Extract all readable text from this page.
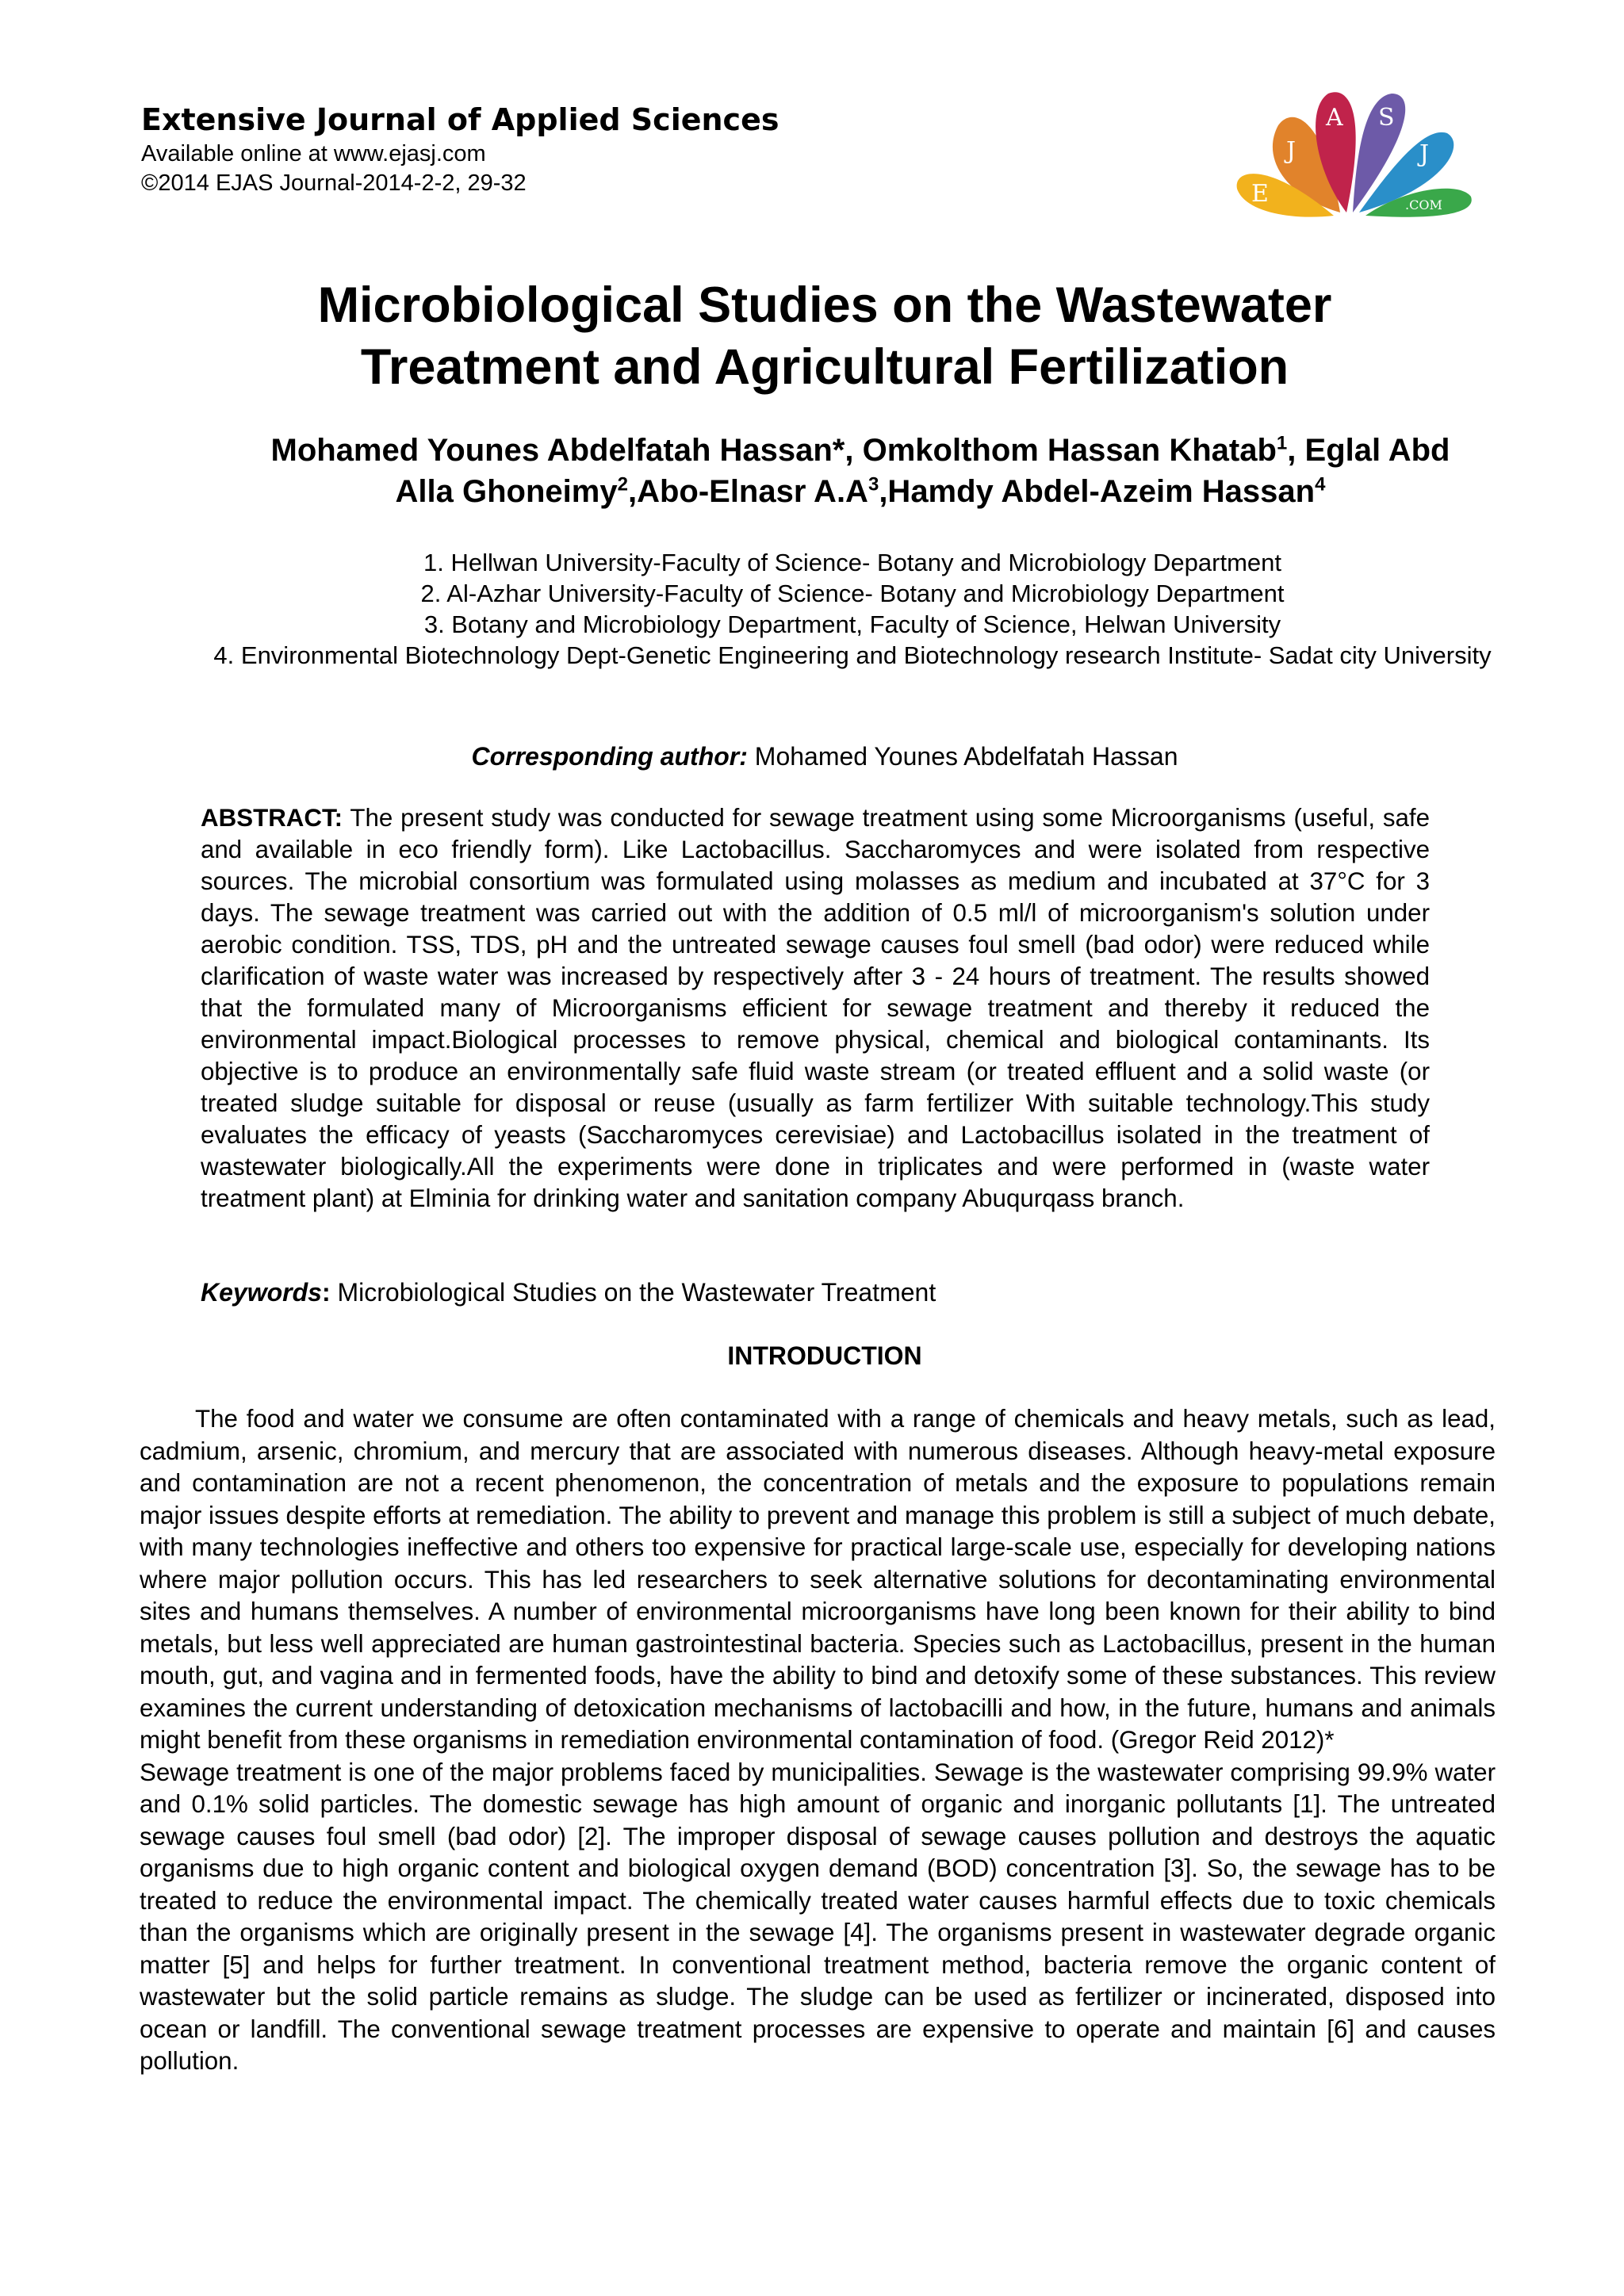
Extensive Journal of Applied Sciences
Available online at www.ejasj.com
©2014 EJAS Journal-2014-2-2, 29-32
J
A S
J
E	.COM
Microbiological Studies on the Wastewater
Treatment and Agricultural Fertilization
Mohamed Younes Abdelfatah Hassan*, Omkolthom Hassan Khatab$^1$, Eglal Abd
Alla Ghoneimy$^2$,Abo-Elnasr $A.A^3,Hamdy$ Abdel-Azeim Hassan$^4$
1. Hellwan University-Faculty of Science- Botany and Microbiology Department
2. Al-Azhar University-Faculty of Science- Botany and Microbiology Department
3. Botany and Microbiology Department, Faculty of Science, Helwan University
4. Environmental Biotechnology Dept-Genetic Engineering and Biotechnology research Institute- Sadat city University
Corresponding author: Mohamed Younes Abdelfatah Hassan

ABSTRACT: The present study was conducted for sewage treatment using some Microorganisms (useful, safe and available in eco friendly form). Like Lactobacillus. Saccharomyces and were isolated from respective sources. The microbial consortium was formulated using molasses as medium and incubated at 37°C for 3 days. The sewage treatment was carried out with the addition of 0.5 ml/l of microorganism's solution under aerobic condition. TSS, TDS, pH and the untreated sewage causes foul smell (bad odor) were reduced while clarification of waste water was increased by respectively after 3 - 24 hours of treatment. The results showed that the formulated many of Microorganisms efficient for sewage treatment and thereby it reduced the environmental impact.Biological processes to remove physical, chemical and biological contaminants. Its objective is to produce an environmentally safe fluid waste stream (or treated effluent and a solid waste (or treated sludge suitable for disposal or reuse (usually as farm fertilizer With suitable technology.This study evaluates the efficacy of yeasts (Saccharomyces cerevisiae) and Lactobacillus isolated in the treatment of wastewater biologically.All the experiments were done in triplicates and were performed in (waste water treatment plant) at Elminia for drinking water and sanitation company Abuqurqass branch.

Keywords: Microbiological Studies on the Wastewater Treatment
INTRODUCTION
The food and water we consume are often contaminated with a range of chemicals and heavy metals, such as lead, cadmium, arsenic, chromium, and mercury that are associated with numerous diseases. Although heavy-metal exposure and contamination are not a recent phenomenon, the concentration of metals and the exposure to populations remain major issues despite efforts at remediation. The ability to prevent and manage this problem is still a subject of much debate, with many technologies ineffective and others too expensive for practical large-scale use, especially for developing nations where major pollution occurs. This has led researchers to seek alternative solutions for decontaminating environmental sites and humans themselves. A number of environmental microorganisms have long been known for their ability to bind metals, but less well appreciated are human gastrointestinal bacteria. Species such as Lactobacillus, present in the human mouth, gut, and vagina and in fermented foods, have the ability to bind and detoxify some of these substances. This review examines the current understanding of detoxication mechanisms of lactobacilli and how, in the future, humans and animals might benefit from these organisms in remediation environmental contamination of food. (Gregor Reid 2012)*

Sewage treatment is one of the major problems faced by municipalities. Sewage is the wastewater comprising 99.9% water and 0.1% solid particles. The domestic sewage has high amount of organic and inorganic pollutants [1]. The untreated sewage causes foul smell (bad odor) [2]. The improper disposal of sewage causes pollution and destroys the aquatic organisms due to high organic content and biological oxygen demand (BOD) concentration [3]. So, the sewage has to be treated to reduce the environmental impact. The chemically treated water causes harmful effects due to toxic chemicals than the organisms which are originally present in the sewage [4]. The organisms present in wastewater degrade organic matter [5] and helps for further treatment. In conventional treatment method, bacteria remove the organic content of wastewater but the solid particle remains as sludge. The sludge can be used as fertilizer or incinerated, disposed into ocean or landfill. The conventional sewage treatment processes are expensive to operate and maintain [6] and causes pollution.
